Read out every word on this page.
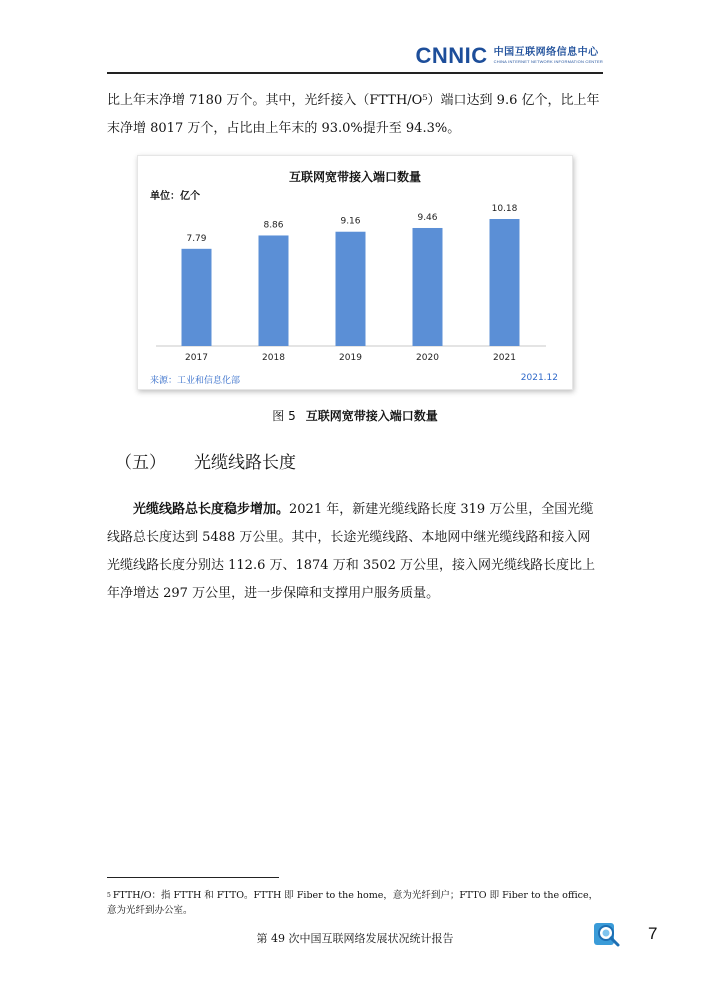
CNNIC 中国互联网络信息中心
CHINA INTERNET NETWORK INFORMATION CENTER
比上年末净增 7180 万个。其中，光纤接入（FTTH/O⁵）端口达到 9.6 亿个，比上年末净增 8017 万个，占比由上年末的 93.0%提升至 94.3%。
互联网宽带接入端口数量
单位：亿个
7.79
2017
8.86
2018
9.16
2019
9.46
2020
10.18
2021
来源：工业和信息化部	2021.12
图 5 互联网宽带接入端口数量
（五） 光缆线路长度
光缆线路总长度稳步增加。2021 年，新建光缆线路长度 319 万公里，全国光缆线路总长度达到 5488 万公里。其中，长途光缆线路、本地网中继光缆线路和接入网光缆线路长度分别达 112.6 万、1874 万和 3502 万公里，接入网光缆线路长度比上年净增达 297 万公里，进一步保障和支撑用户服务质量。
$^5$ FTTH/O：指 FTTH 和 FTTO。FTTH 即 Fiber to the home，意为光纤到户；FTTO 即 Fiber to the office，意为光纤到办公室。
第 49 次中国互联网络发展状况统计报告	7
